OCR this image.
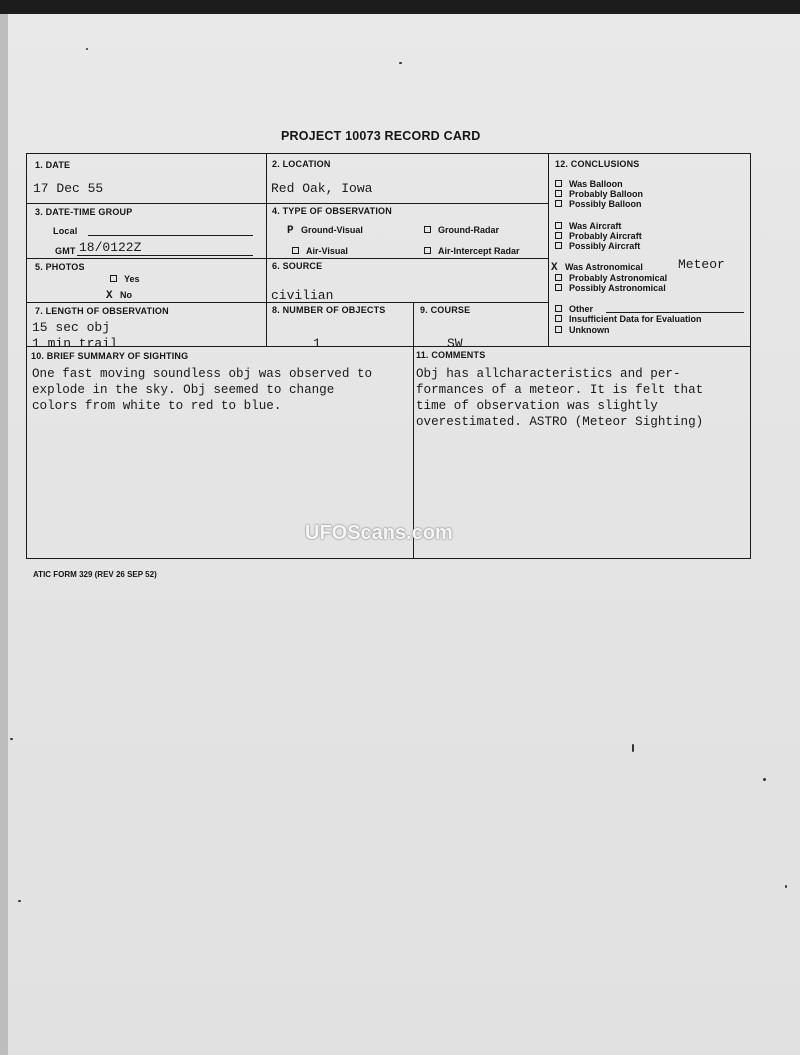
PROJECT 10073 RECORD CARD
1. DATE
17 Dec 55
2. LOCATION
Red Oak, Iowa
3. DATE-TIME GROUP
Local
GMT 18/0122Z
4. TYPE OF OBSERVATION
P Ground-Visual	Ground-Radar
Air-Visual	Air-Intercept Radar
5. PHOTOS
Yes
X No
6. SOURCE
civilian
7. LENGTH OF OBSERVATION
15 sec obj
1 min trail
8. NUMBER OF OBJECTS
1
9. COURSE
SW
12. CONCLUSIONS
Was Balloon
Probably Balloon
Possibly Balloon
Was Aircraft
Probably Aircraft
Possibly Aircraft
X Was Astronomical	Meteor
Probably Astronomical
Possibly Astronomical
Other
Insufficient Data for Evaluation
Unknown
10. BRIEF SUMMARY OF SIGHTING
One fast moving soundless obj was observed to
explode in the sky. Obj seemed to change
colors from white to red to blue.
11. COMMENTS
Obj has allcharacteristics and per-
formances of a meteor. It is felt that
time of observation was slightly
overestimated. ASTRO (Meteor Sighting)
UFOScans.com
ATIC FORM 329 (REV 26 SEP 52)
